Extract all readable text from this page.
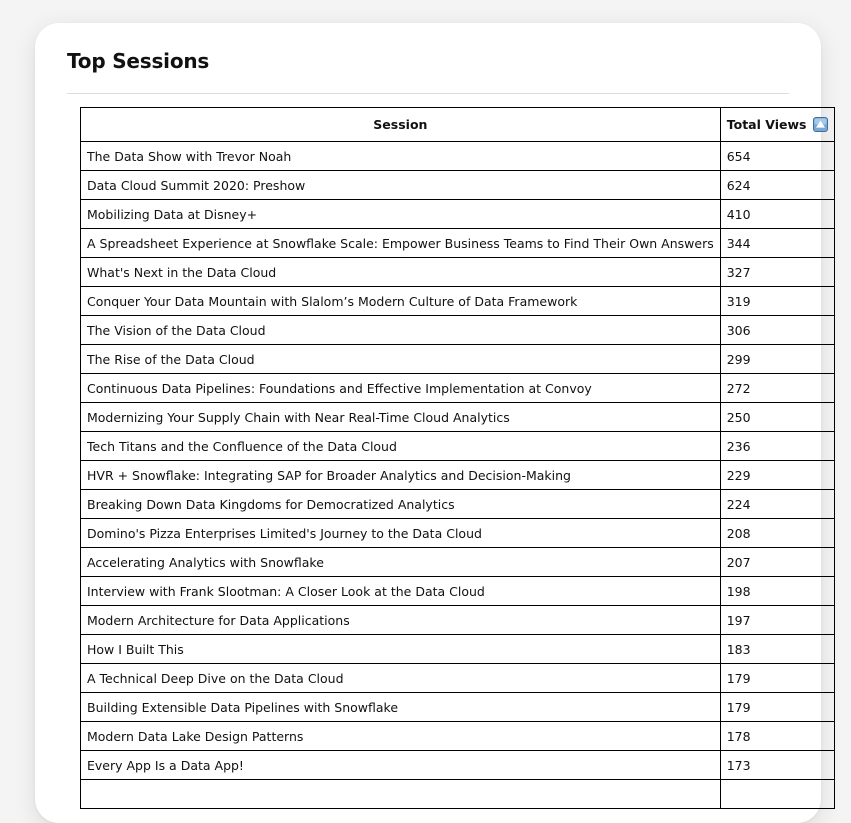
Top Sessions
Session	Total Views
The Data Show with Trevor Noah	654
Data Cloud Summit 2020: Preshow	624
Mobilizing Data at Disney+	410
A Spreadsheet Experience at Snowflake Scale: Empower Business Teams to Find Their Own Answers	344
What's Next in the Data Cloud	327
Conquer Your Data Mountain with Slalom’s Modern Culture of Data Framework	319
The Vision of the Data Cloud	306
The Rise of the Data Cloud	299
Continuous Data Pipelines: Foundations and Effective Implementation at Convoy	272
Modernizing Your Supply Chain with Near Real-Time Cloud Analytics	250
Tech Titans and the Confluence of the Data Cloud	236
HVR + Snowflake: Integrating SAP for Broader Analytics and Decision-Making	229
Breaking Down Data Kingdoms for Democratized Analytics	224
Domino's Pizza Enterprises Limited's Journey to the Data Cloud	208
Accelerating Analytics with Snowflake	207
Interview with Frank Slootman: A Closer Look at the Data Cloud	198
Modern Architecture for Data Applications	197
How I Built This	183
A Technical Deep Dive on the Data Cloud	179
Building Extensible Data Pipelines with Snowflake	179
Modern Data Lake Design Patterns	178
Every App Is a Data App!	173
